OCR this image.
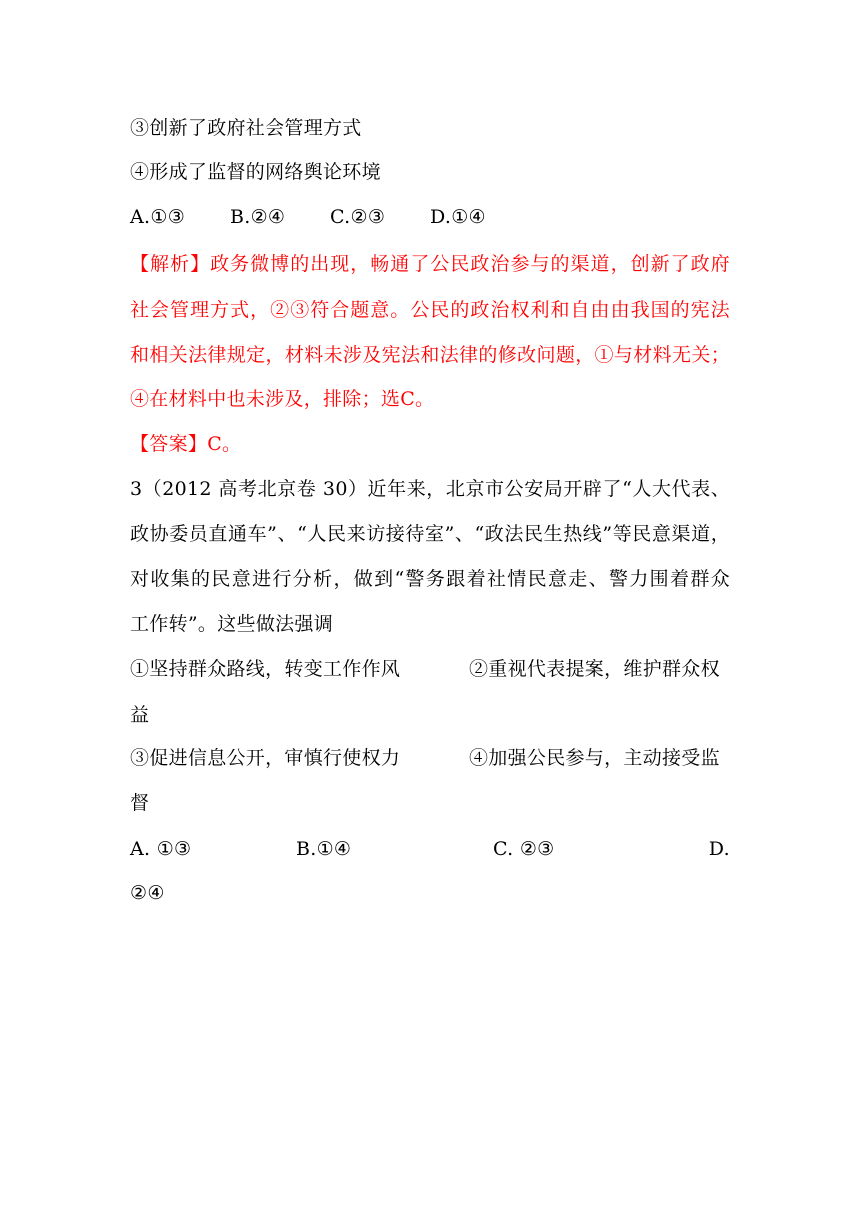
③创新了政府社会管理方式
④形成了监督的网络舆论环境
A.①③ B.②④ C.②③ D.①④
【解析】政务微博的出现，畅通了公民政治参与的渠道，创新了政府
社会管理方式，②③符合题意。公民的政治权利和自由由我国的宪法
和相关法律规定，材料未涉及宪法和法律的修改问题，①与材料无关；
④在材料中也未涉及，排除；选C。
【答案】C。
3（2012 高考北京卷 30）近年来，北京市公安局开辟了“人大代表、
政协委员直通车”、“人民来访接待室”、“政法民生热线”等民意渠道，
对收集的民意进行分析，做到“警务跟着社情民意走、警力围着群众
工作转”。这些做法强调
①坚持群众路线，转变工作作风	②重视代表提案，维护群众权
益
③促进信息公开，审慎行使权力	④加强公民参与，主动接受监
督
A. ①③	B.①④	C. ②③	D.
②④
